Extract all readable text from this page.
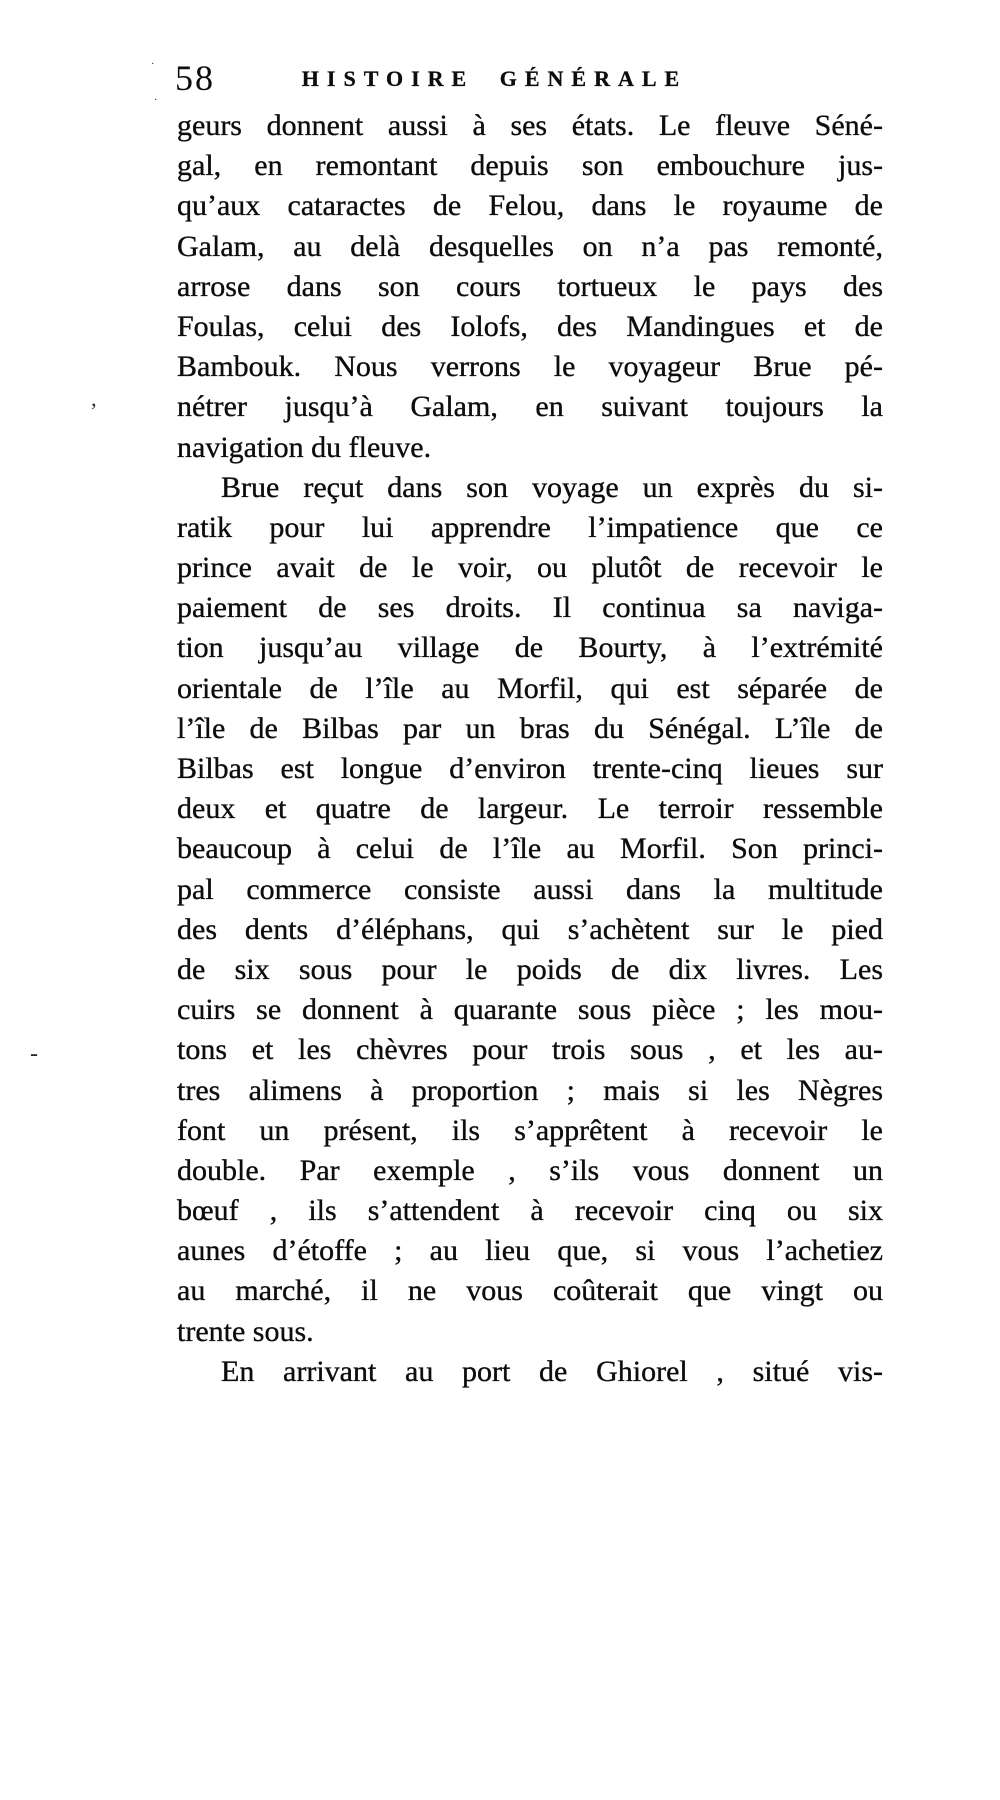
58	HISTOIRE GÉNÉRALE
geurs donnent aussi à ses états. Le fleuve Séné-
gal, en remontant depuis son embouchure jus-
qu’aux cataractes de Felou, dans le royaume de
Galam, au delà desquelles on n’a pas remonté,
arrose dans son cours tortueux le pays des
Foulas, celui des Iolofs, des Mandingues et de
Bambouk. Nous verrons le voyageur Brue pé-
nétrer jusqu’à Galam, en suivant toujours la
navigation du fleuve.
Brue reçut dans son voyage un exprès du si-
ratik pour lui apprendre l’impatience que ce
prince avait de le voir, ou plutôt de recevoir le
paiement de ses droits. Il continua sa naviga-
tion jusqu’au village de Bourty, à l’extrémité
orientale de l’île au Morfil, qui est séparée de
l’île de Bilbas par un bras du Sénégal. L’île de
Bilbas est longue d’environ trente-cinq lieues sur
deux et quatre de largeur. Le terroir ressemble
beaucoup à celui de l’île au Morfil. Son princi-
pal commerce consiste aussi dans la multitude
des dents d’éléphans, qui s’achètent sur le pied
de six sous pour le poids de dix livres. Les
cuirs se donnent à quarante sous pièce ; les mou-
tons et les chèvres pour trois sous , et les au-
tres alimens à proportion ; mais si les Nègres
font un présent, ils s’apprêtent à recevoir le
double. Par exemple , s’ils vous donnent un
bœuf , ils s’attendent à recevoir cinq ou six
aunes d’étoffe ; au lieu que, si vous l’achetiez
au marché, il ne vous coûterait que vingt ou
trente sous.
En arrivant au port de Ghiorel , situé vis-
·
·
’
-
